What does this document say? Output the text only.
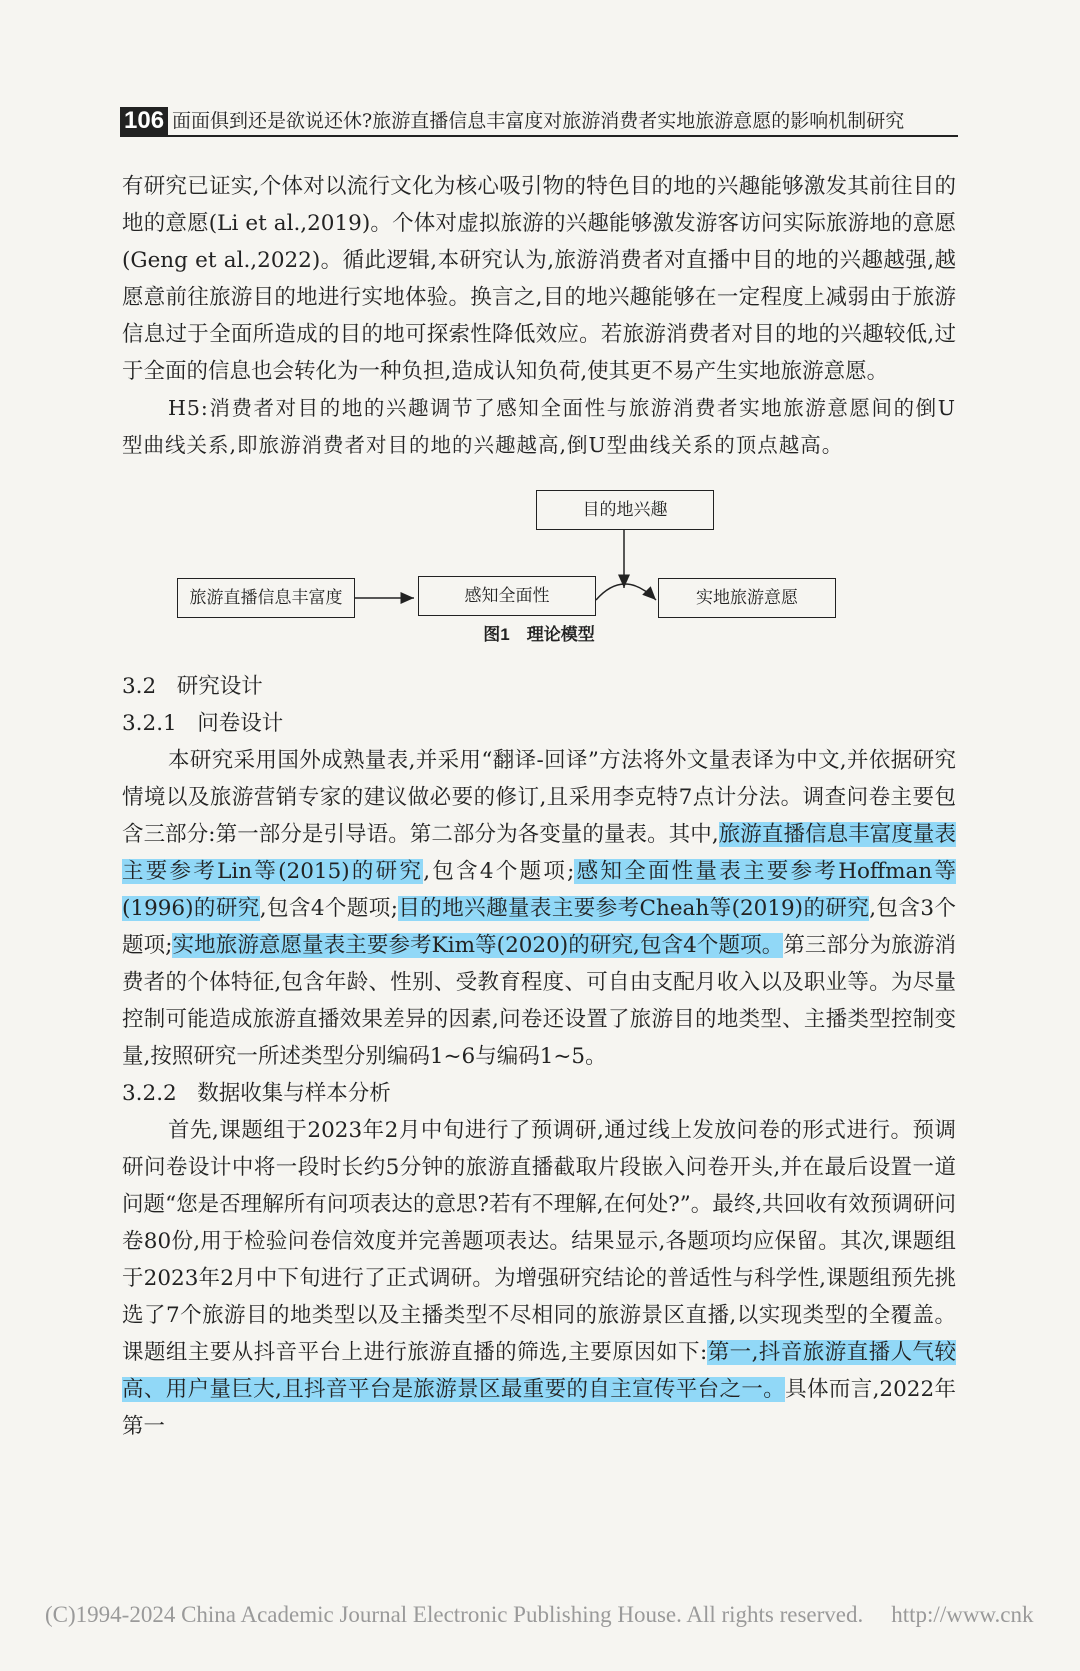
106 面面俱到还是欲说还休?旅游直播信息丰富度对旅游消费者实地旅游意愿的影响机制研究

有研究已证实,个体对以流行文化为核心吸引物的特色目的地的兴趣能够激发其前往目的地的意愿(Li et al.,2019)。个体对虚拟旅游的兴趣能够激发游客访问实际旅游地的意愿(Geng et al.,2022)。循此逻辑,本研究认为,旅游消费者对直播中目的地的兴趣越强,越愿意前往旅游目的地进行实地体验。换言之,目的地兴趣能够在一定程度上减弱由于旅游信息过于全面所造成的目的地可探索性降低效应。若旅游消费者对目的地的兴趣较低,过于全面的信息也会转化为一种负担,造成认知负荷,使其更不易产生实地旅游意愿。

H5:消费者对目的地的兴趣调节了感知全面性与旅游消费者实地旅游意愿间的倒U型曲线关系,即旅游消费者对目的地的兴趣越高,倒U型曲线关系的顶点越高。

目的地兴趣
旅游直播信息丰富度	感知全面性	实地旅游意愿
图1　理论模型

3.2 研究设计

3.2.1 问卷设计

本研究采用国外成熟量表,并采用“翻译-回译”方法将外文量表译为中文,并依据研究情境以及旅游营销专家的建议做必要的修订,且采用李克特7点计分法。调查问卷主要包含三部分:第一部分是引导语。第二部分为各变量的量表。其中,旅游直播信息丰富度量表主要参考Lin等(2015)的研究,包含4个题项;感知全面性量表主要参考Hoffman等(1996)的研究,包含4个题项;目的地兴趣量表主要参考Cheah等(2019)的研究,包含3个题项;实地旅游意愿量表主要参考Kim等(2020)的研究,包含4个题项。第三部分为旅游消费者的个体特征,包含年龄、性别、受教育程度、可自由支配月收入以及职业等。为尽量控制可能造成旅游直播效果差异的因素,问卷还设置了旅游目的地类型、主播类型控制变量,按照研究一所述类型分别编码1~6与编码1~5。

3.2.2 数据收集与样本分析

首先,课题组于2023年2月中旬进行了预调研,通过线上发放问卷的形式进行。预调研问卷设计中将一段时长约5分钟的旅游直播截取片段嵌入问卷开头,并在最后设置一道问题“您是否理解所有问项表达的意思?若有不理解,在何处?”。最终,共回收有效预调研问卷80份,用于检验问卷信效度并完善题项表达。结果显示,各题项均应保留。其次,课题组于2023年2月中下旬进行了正式调研。为增强研究结论的普适性与科学性,课题组预先挑选了7个旅游目的地类型以及主播类型不尽相同的旅游景区直播,以实现类型的全覆盖。课题组主要从抖音平台上进行旅游直播的筛选,主要原因如下:第一,抖音旅游直播人气较高、用户量巨大,且抖音平台是旅游景区最重要的自主宣传平台之一。具体而言,2022年第一

(C)1994-2024 China Academic Journal Electronic Publishing House. All rights reserved. http://www.cnk
